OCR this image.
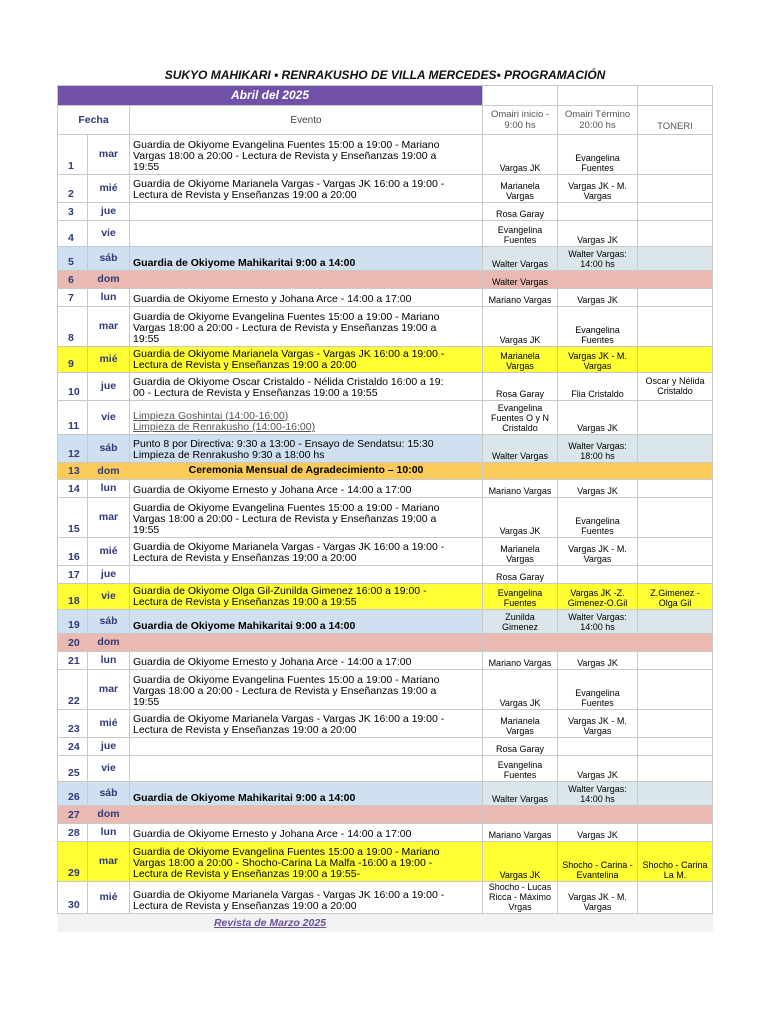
SUKYO MAHIKARI • RENRAKUSHO DE VILLA MERCEDES• PROGRAMACIÓN					
Abril del 2025					
Fecha		Evento	Omairi inicio - 9:00 hs	Omairi Término 20:00 hs	TONERI
1	mar	Guardia de Okiyome Evangelina Fuentes 15:00 a 19:00 - Mariano
Vargas 18:00 a 20:00 - Lectura de Revista y Enseñanzas 19:00 a
19:55	Vargas JK	Evangelina Fuentes	
2	mié	Guardia de Okiyome Marianela Vargas - Vargas JK 16:00 a 19:00 -
Lectura de Revista y Enseñanzas 19:00 a 20:00	Marianela Vargas	Vargas JK - M. Vargas	
3	jue		Rosa Garay		
4	vie		Evangelina Fuentes	Vargas JK	
5	sáb	Guardia de Okiyome Mahikaritai 9:00 a 14:00	Walter Vargas	Walter Vargas: 14:00 hs	
6	dom		Walter Vargas		
7	lun	Guardia de Okiyome Ernesto y Johana Arce - 14:00 a 17:00	Mariano Vargas	Vargas JK	
8	mar	Guardia de Okiyome Evangelina Fuentes 15:00 a 19:00 - Mariano
Vargas 18:00 a 20:00 - Lectura de Revista y Enseñanzas 19:00 a
19:55	Vargas JK	Evangelina Fuentes	
9	mié	Guardia de Okiyome Marianela Vargas - Vargas JK 16:00 a 19:00 -
Lectura de Revista y Enseñanzas 19:00 a 20:00	Marianela Vargas	Vargas JK - M. Vargas	
10	jue	Guardia de Okiyome Oscar Cristaldo - Nélida Cristaldo 16:00 a 19:
00 - Lectura de Revista y Enseñanzas 19:00 a 19:55	Rosa Garay	Flia Cristaldo	Oscar y Nélida Cristaldo
11	vie	Limpieza Goshintai (14:00-16:00)
Limpieza de Renrakusho (14:00-16:00)	Evangelina Fuentes O y N Cristaldo	Vargas JK	
12	sáb	Punto 8 por Directiva: 9:30 a 13:00 - Ensayo de Sendatsu: 15:30
Limpieza de Renrakusho 9:30 a 18:00 hs	Walter Vargas	Walter Vargas: 18:00 hs	
13	dom	Ceremonia Mensual de Agradecimiento – 10:00			

14	lun	Guardia de Okiyome Ernesto y Johana Arce - 14:00 a 17:00	Mariano Vargas	Vargas JK	
15	mar	Guardia de Okiyome Evangelina Fuentes 15:00 a 19:00 - Mariano
Vargas 18:00 a 20:00 - Lectura de Revista y Enseñanzas 19:00 a
19:55	Vargas JK	Evangelina Fuentes	
16	mié	Guardia de Okiyome Marianela Vargas - Vargas JK 16:00 a 19:00 -
Lectura de Revista y Enseñanzas 19:00 a 20:00	Marianela Vargas	Vargas JK - M. Vargas	
17	jue		Rosa Garay		
18	vie	Guardia de Okiyome Olga Gil-Zunilda Gimenez 16:00 a 19:00 -
Lectura de Revista y Enseñanzas 19:00 a 19:55	Evangelina Fuentes	Vargas JK -Z. Gimenez-O.Gil	Z.Gimenez - Olga Gil
19	sáb	Guardia de Okiyome Mahikaritai 9:00 a 14:00	Zunilda Gimenez	Walter Vargas: 14:00 hs	
20	dom				
21	lun	Guardia de Okiyome Ernesto y Johana Arce - 14:00 a 17:00	Mariano Vargas	Vargas JK	
22	mar	Guardia de Okiyome Evangelina Fuentes 15:00 a 19:00 - Mariano
Vargas 18:00 a 20:00 - Lectura de Revista y Enseñanzas 19:00 a
19:55	Vargas JK	Evangelina Fuentes	
23	mié	Guardia de Okiyome Marianela Vargas - Vargas JK 16:00 a 19:00 -
Lectura de Revista y Enseñanzas 19:00 a 20:00	Marianela Vargas	Vargas JK - M. Vargas	
24	jue		Rosa Garay		
25	vie		Evangelina Fuentes	Vargas JK	
26	sáb	Guardia de Okiyome Mahikaritai 9:00 a 14:00	Walter Vargas	Walter Vargas: 14:00 hs	
27	dom				
28	lun	Guardia de Okiyome Ernesto y Johana Arce - 14:00 a 17:00	Mariano Vargas	Vargas JK	
29	mar	Guardia de Okiyome Evangelina Fuentes 15:00 a 19:00 - Mariano
Vargas 18:00 a 20:00 - Shocho-Carina La Malfa -16:00 a 19:00 -
Lectura de Revista y Enseñanzas 19:00 a 19:55-	Vargas JK	Shocho - Carina - Evantelina	Shocho - Carina La M.
30	mié	Guardia de Okiyome Marianela Vargas - Vargas JK 16:00 a 19:00 -
Lectura de Revista y Enseñanzas 19:00 a 20:00	Shocho - Lucas Ricca - Máximo Vrgas	Vargas JK - M. Vargas	
Revista de Marzo 2025					
